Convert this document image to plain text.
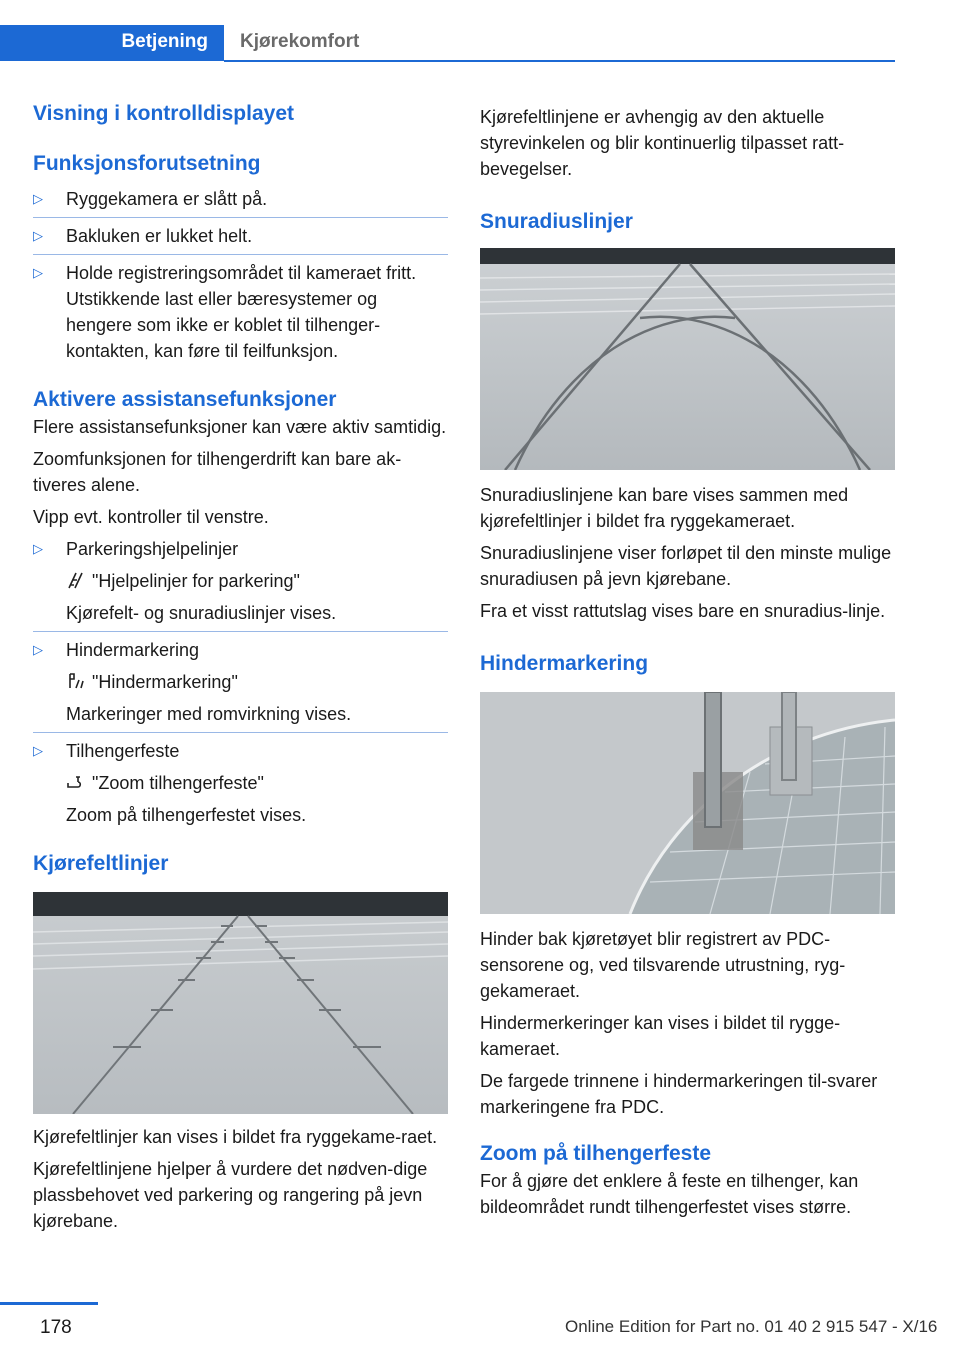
Betjening Kjørekomfort
Visning i kontrolldisplayet
Funksjonsforutsetning
▷ Ryggekamera er slått på.
▷ Bakluken er lukket helt.
▷ Holde registreringsområdet til kameraet fritt. Utstikkende last eller bæresystemer og hengere som ikke er koblet til tilhenger-kontakten, kan føre til feilfunksjon.
Aktivere assistansefunksjoner

Flere assistansefunksjoner kan være aktiv samtidig.

Zoomfunksjonen for tilhengerdrift kan bare ak-tiveres alene.

Vipp evt. kontroller til venstre.

▷ Parkeringshjelpelinjer
"Hjelpelinjer for parkering"
Kjørefelt- og snuradiuslinjer vises.
▷ Hindermarkering
"Hindermarkering"
Markeringer med romvirkning vises.
▷ Tilhengerfeste
"Zoom tilhengerfeste"
Zoom på tilhengerfestet vises.
Kjørefeltlinjer

Kjørefeltlinjer kan vises i bildet fra ryggekame-raet.

Kjørefeltlinjene hjelper å vurdere det nødven-dige plassbehovet ved parkering og rangering på jevn kjørebane.

Kjørefeltlinjene er avhengig av den aktuelle styrevinkelen og blir kontinuerlig tilpasset ratt-bevegelser.

Snuradiuslinjer

Snuradiuslinjene kan bare vises sammen med kjørefeltlinjer i bildet fra ryggekameraet.

Snuradiuslinjene viser forløpet til den minste mulige snuradiusen på jevn kjørebane.

Fra et visst rattutslag vises bare en snuradius-linje.

Hindermarkering

Hinder bak kjøretøyet blir registrert av PDC-sensorene og, ved tilsvarende utrustning, ryg-gekameraet.

Hindermerkeringer kan vises i bildet til rygge-kameraet.

De fargede trinnene i hindermarkeringen til-svarer markeringene fra PDC.

Zoom på tilhengerfeste

For å gjøre det enklere å feste en tilhenger, kan bildeområdet rundt tilhengerfestet vises større.

178	Online Edition for Part no. 01 40 2 915 547 - X/16
